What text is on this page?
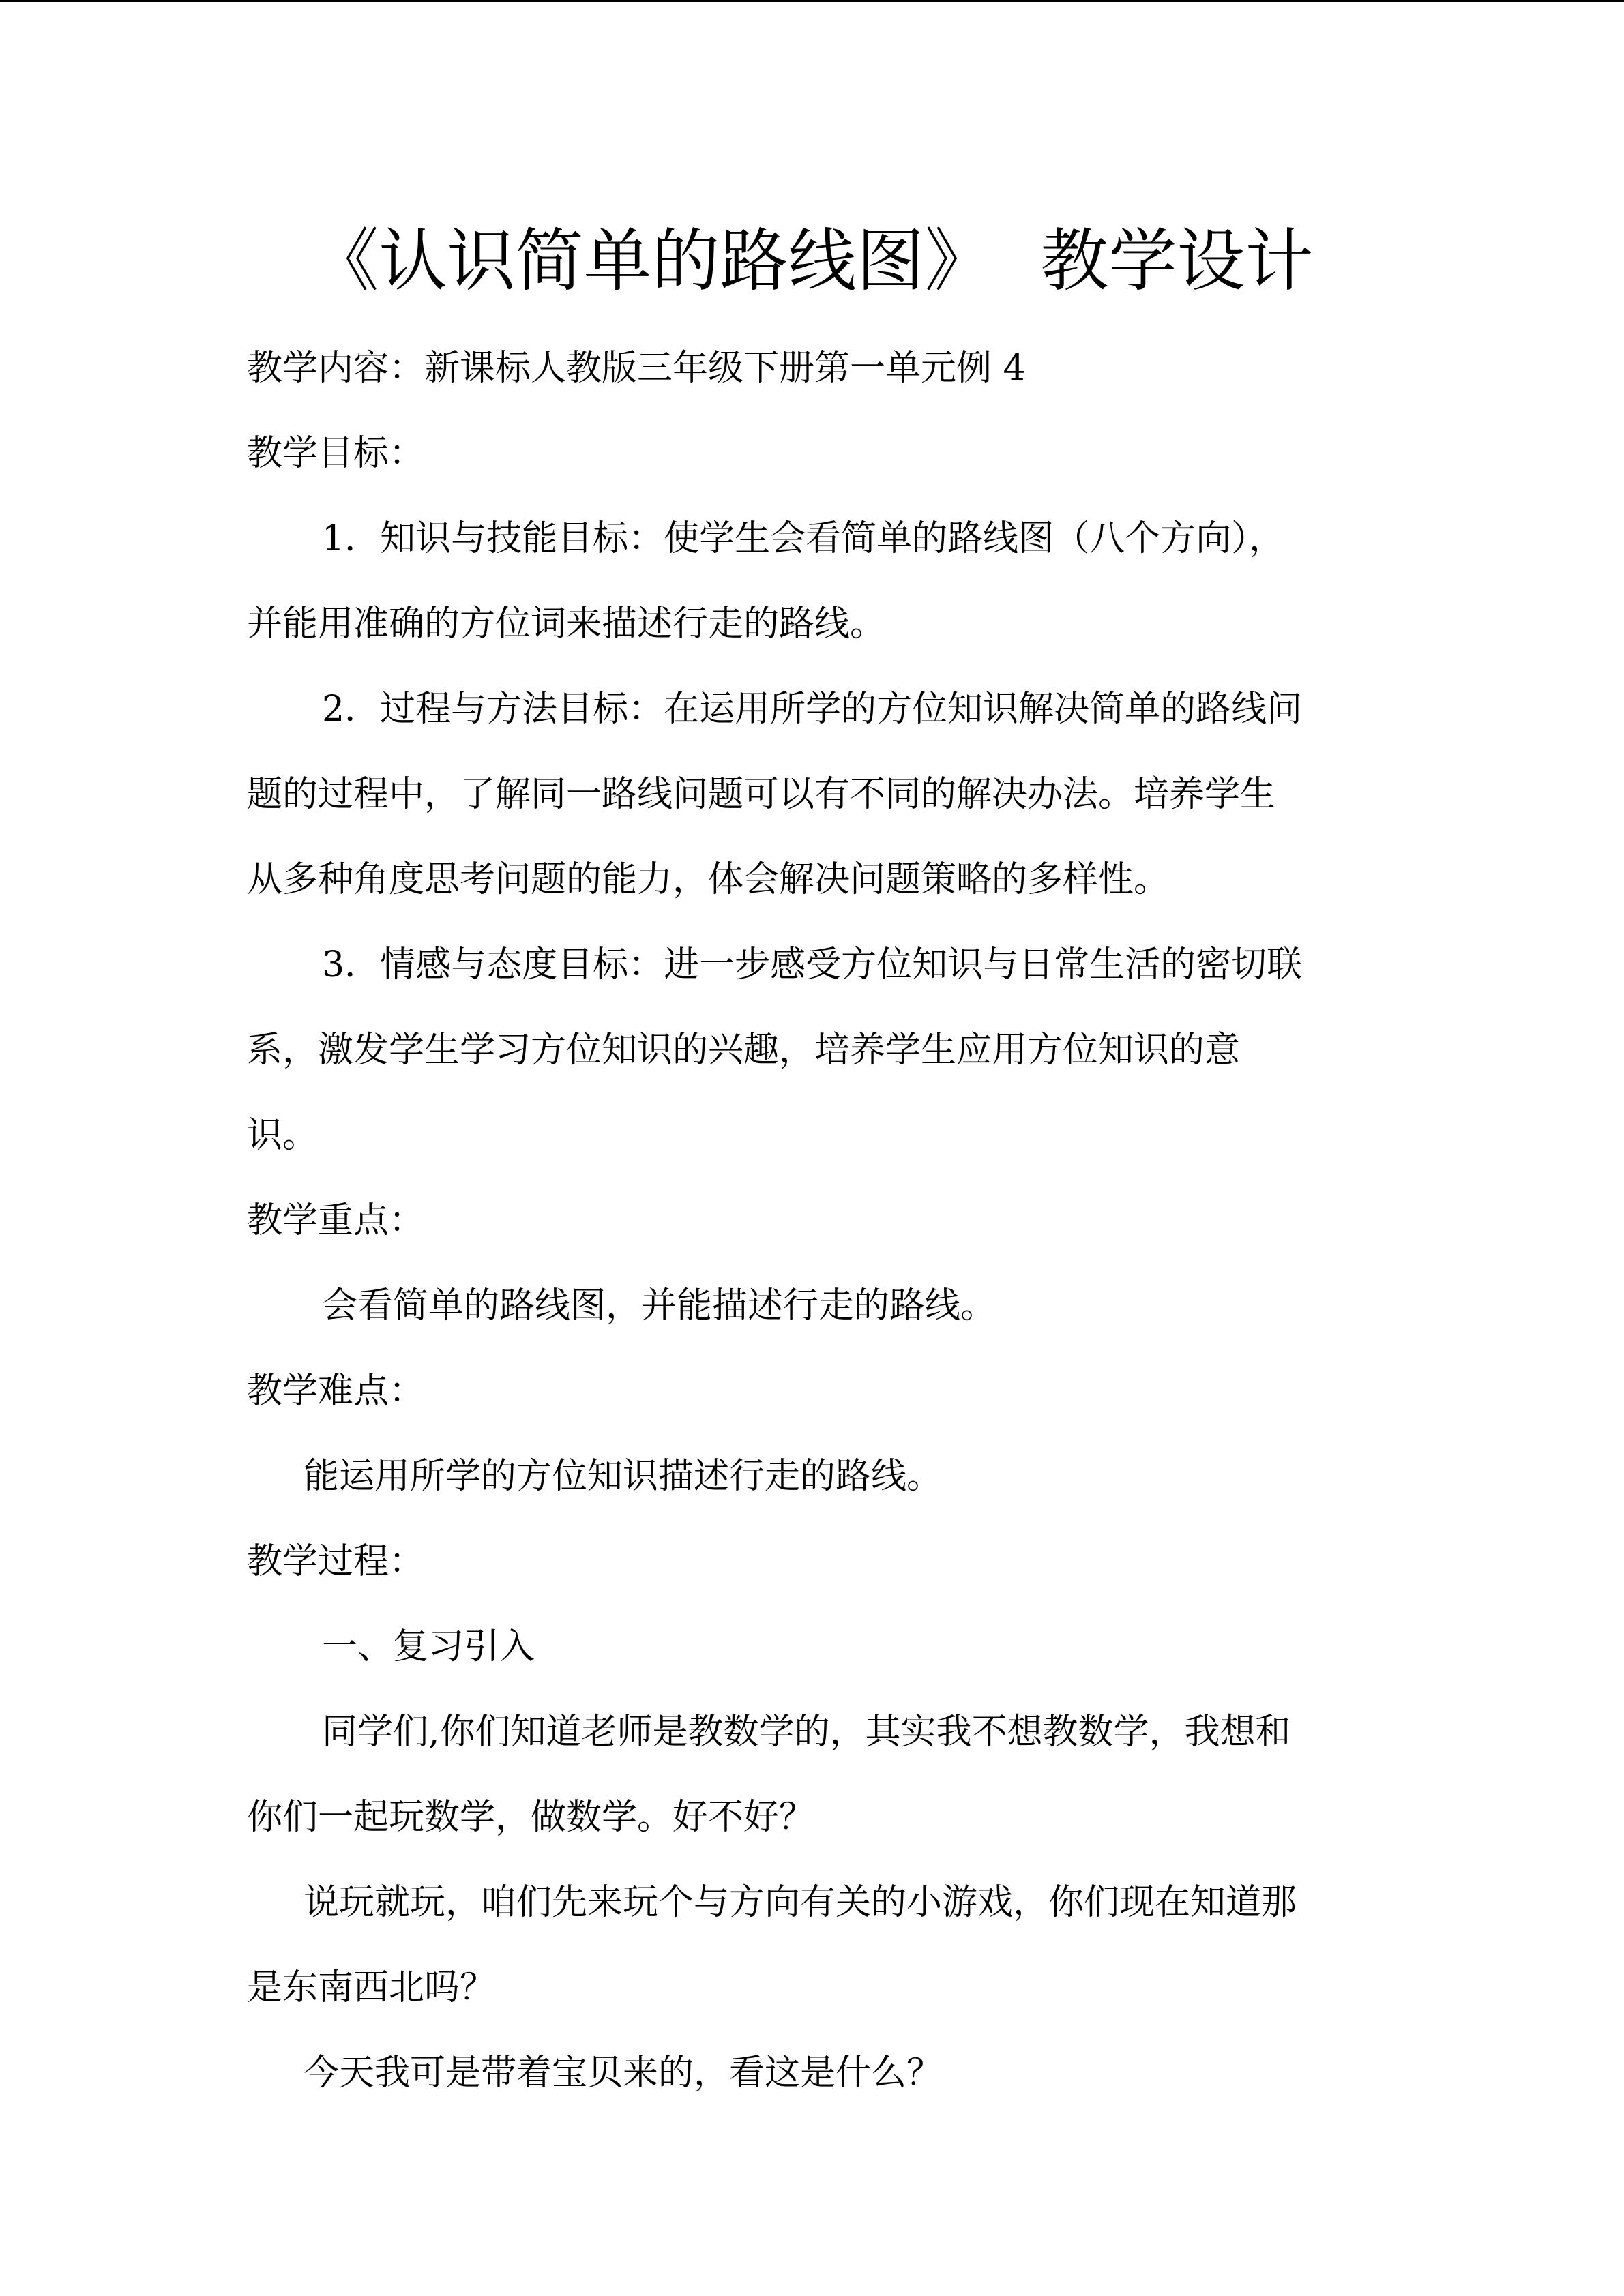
《认识简单的路线图》 教学设计
教学内容：新课标人教版三年级下册第一单元例 4
教学目标：
1．知识与技能目标：使学生会看简单的路线图（八个方向），
并能用准确的方位词来描述行走的路线。
2．过程与方法目标：在运用所学的方位知识解决简单的路线问
题的过程中，了解同一路线问题可以有不同的解决办法。培养学生
从多种角度思考问题的能力，体会解决问题策略的多样性。
3．情感与态度目标：进一步感受方位知识与日常生活的密切联
系，激发学生学习方位知识的兴趣，培养学生应用方位知识的意
识。
教学重点：
会看简单的路线图，并能描述行走的路线。
教学难点：
能运用所学的方位知识描述行走的路线。
教学过程：
一、复习引入
同学们,你们知道老师是教数学的，其实我不想教数学，我想和
你们一起玩数学，做数学。好不好？
说玩就玩，咱们先来玩个与方向有关的小游戏，你们现在知道那
是东南西北吗？
今天我可是带着宝贝来的，看这是什么？
